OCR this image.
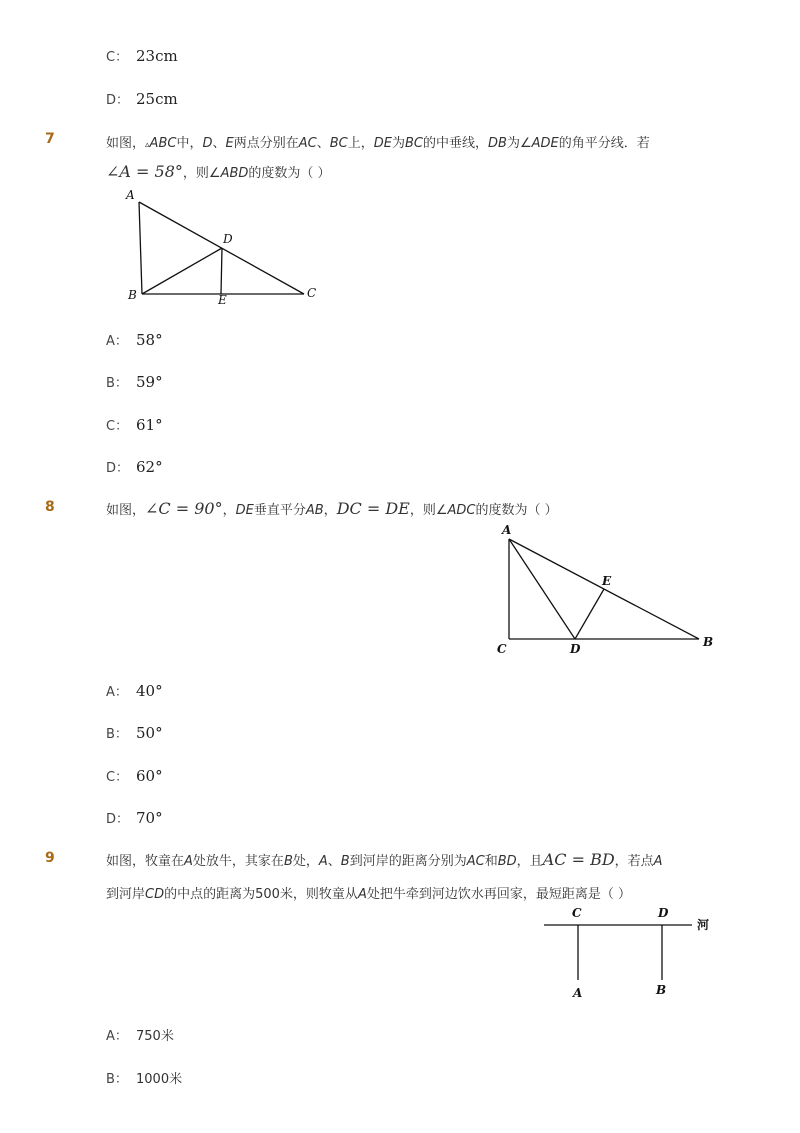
C： 23cm
D： 25cm
7	如图，▵ABC中，D、E两点分别在AC、BC上，DE为BC的中垂线，DB为∠ADE的角平分线．若
∠A = 58°，则∠ABD的度数为（ ）
A
B	C
D
E
A： 58°
B： 59°
C： 61°
D： 62°
8	如图，∠C = 90°，DE垂直平分AB，DC = DE，则∠ADC的度数为（ ）
A
C	D
E
B
A： 40°
B： 50°
C： 60°
D： 70°
9	如图，牧童在A处放牛，其家在B处，A、B到河岸的距离分别为AC和BD，且AC = BD，若点A
到河岸CD的中点的距离为500米，则牧童从A处把牛牵到河边饮水再回家，最短距离是（ ）
C	D
A	B
河
A： 750米
B： 1000米
